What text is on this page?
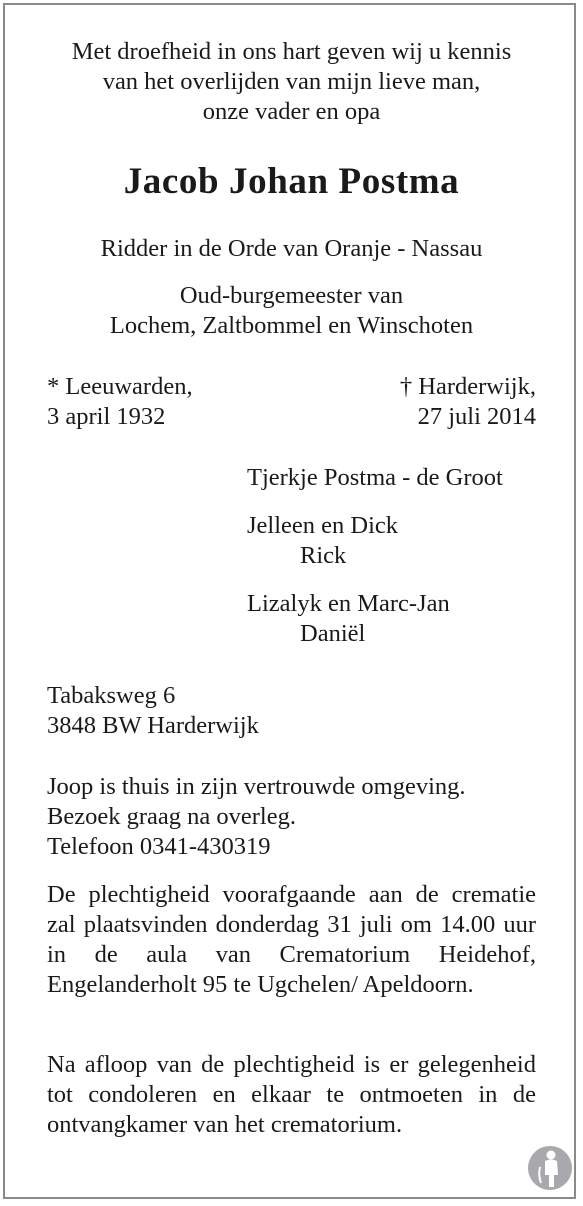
Met droefheid in ons hart geven wij u kennis
van het overlijden van mijn lieve man,
onze vader en opa
Jacob Johan Postma
Ridder in de Orde van Oranje - Nassau
Oud-burgemeester van
Lochem, Zaltbommel en Winschoten
* Leeuwarden,
3 april 1932
† Harderwijk,
27 juli 2014
Tjerkje Postma - de Groot
Jelleen en Dick
Rick
Lizalyk en Marc-Jan
Daniël
Tabaksweg 6
3848 BW Harderwijk
Joop is thuis in zijn vertrouwde omgeving.
Bezoek graag na overleg.
Telefoon 0341-430319
De plechtigheid voorafgaande aan de crematie zal plaatsvinden donderdag 31 juli om 14.00 uur in de aula van Crematorium Heidehof, Engelanderholt 95 te Ugchelen/ Apeldoorn.
Na afloop van de plechtigheid is er gelegenheid tot condoleren en elkaar te ontmoeten in de ontvangkamer van het crematorium.
